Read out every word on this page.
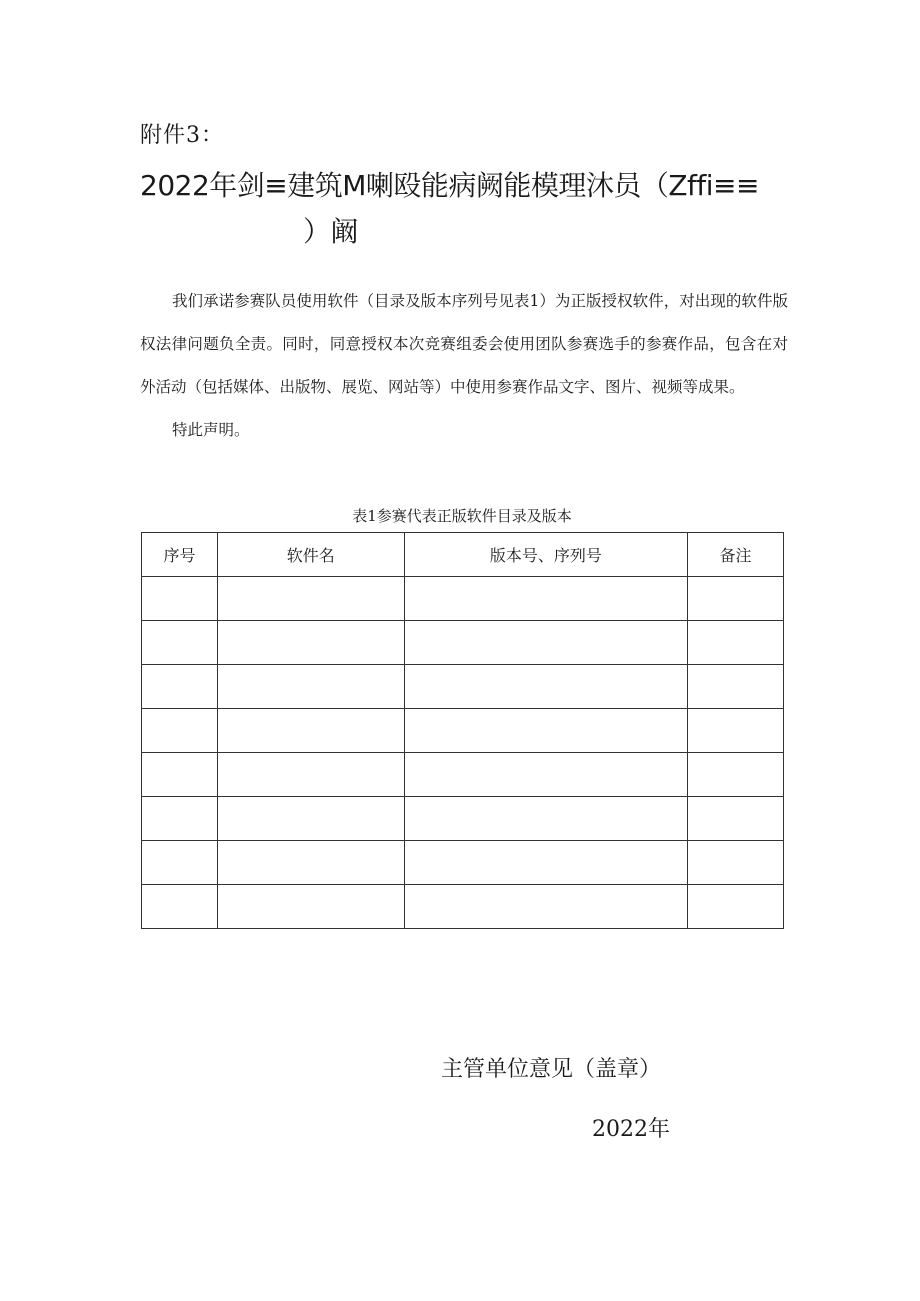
附件3：
2022年剑≡建筑M喇殴能病阙能模理沐员（Zffi≡≡
）阚

我们承诺参赛队员使用软件（目录及版本序列号见表1）为正版授权软件，对出现的软件版权法律问题负全责。同时，同意授权本次竞赛组委会使用团队参赛选手的参赛作品，包含在对外活动（包括媒体、出版物、展览、网站等）中使用参赛作品文字、图片、视频等成果。

特此声明。

表1参赛代表正版软件目录及版本
序号	软件名	版本号、序列号	备注

主管单位意见（盖章）
2022年
